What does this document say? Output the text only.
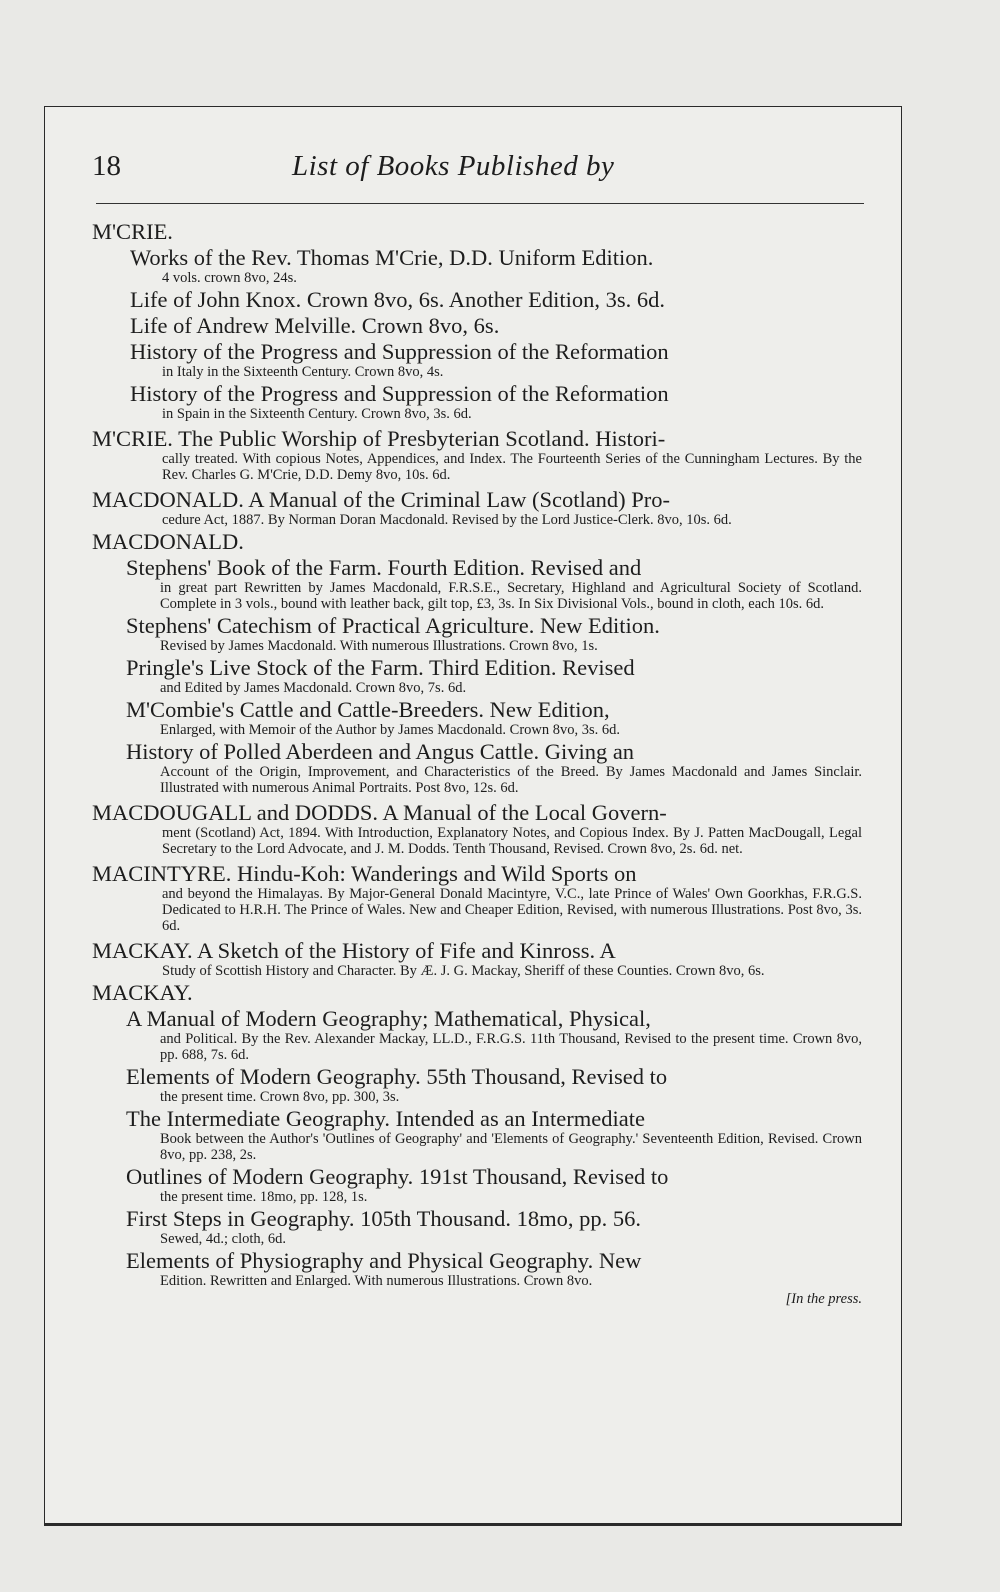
18	List of Books Published by
M'CRIE.
Works of the Rev. Thomas M'Crie, D.D. Uniform Edition.
4 vols. crown 8vo, 24s.
Life of John Knox. Crown 8vo, 6s. Another Edition, 3s. 6d.
Life of Andrew Melville. Crown 8vo, 6s.
History of the Progress and Suppression of the Reformation
in Italy in the Sixteenth Century. Crown 8vo, 4s.
History of the Progress and Suppression of the Reformation
in Spain in the Sixteenth Century. Crown 8vo, 3s. 6d.
M'CRIE. The Public Worship of Presbyterian Scotland. Histori-
cally treated. With copious Notes, Appendices, and Index. The Fourteenth Series of the Cunningham Lectures. By the Rev. Charles G. M'Crie, D.D. Demy 8vo, 10s. 6d.
MACDONALD. A Manual of the Criminal Law (Scotland) Pro-
cedure Act, 1887. By Norman Doran Macdonald. Revised by the Lord Justice-Clerk. 8vo, 10s. 6d.
MACDONALD.
Stephens' Book of the Farm. Fourth Edition. Revised and
in great part Rewritten by James Macdonald, F.R.S.E., Secretary, Highland and Agricultural Society of Scotland. Complete in 3 vols., bound with leather back, gilt top, £3, 3s. In Six Divisional Vols., bound in cloth, each 10s. 6d.
Stephens' Catechism of Practical Agriculture. New Edition.
Revised by James Macdonald. With numerous Illustrations. Crown 8vo, 1s.
Pringle's Live Stock of the Farm. Third Edition. Revised
and Edited by James Macdonald. Crown 8vo, 7s. 6d.
M'Combie's Cattle and Cattle-Breeders. New Edition,
Enlarged, with Memoir of the Author by James Macdonald. Crown 8vo, 3s. 6d.
History of Polled Aberdeen and Angus Cattle. Giving an
Account of the Origin, Improvement, and Characteristics of the Breed. By James Macdonald and James Sinclair. Illustrated with numerous Animal Portraits. Post 8vo, 12s. 6d.
MACDOUGALL and DODDS. A Manual of the Local Govern-
ment (Scotland) Act, 1894. With Introduction, Explanatory Notes, and Copious Index. By J. Patten MacDougall, Legal Secretary to the Lord Advocate, and J. M. Dodds. Tenth Thousand, Revised. Crown 8vo, 2s. 6d. net.
MACINTYRE. Hindu-Koh: Wanderings and Wild Sports on
and beyond the Himalayas. By Major-General Donald Macintyre, V.C., late Prince of Wales' Own Goorkhas, F.R.G.S. Dedicated to H.R.H. The Prince of Wales. New and Cheaper Edition, Revised, with numerous Illustrations. Post 8vo, 3s. 6d.
MACKAY. A Sketch of the History of Fife and Kinross. A
Study of Scottish History and Character. By Æ. J. G. Mackay, Sheriff of these Counties. Crown 8vo, 6s.
MACKAY.
A Manual of Modern Geography; Mathematical, Physical,
and Political. By the Rev. Alexander Mackay, LL.D., F.R.G.S. 11th Thousand, Revised to the present time. Crown 8vo, pp. 688, 7s. 6d.
Elements of Modern Geography. 55th Thousand, Revised to
the present time. Crown 8vo, pp. 300, 3s.
The Intermediate Geography. Intended as an Intermediate
Book between the Author's 'Outlines of Geography' and 'Elements of Geography.' Seventeenth Edition, Revised. Crown 8vo, pp. 238, 2s.
Outlines of Modern Geography. 191st Thousand, Revised to
the present time. 18mo, pp. 128, 1s.
First Steps in Geography. 105th Thousand. 18mo, pp. 56.
Sewed, 4d.; cloth, 6d.
Elements of Physiography and Physical Geography. New
Edition. Rewritten and Enlarged. With numerous Illustrations. Crown 8vo.
[In the press.
